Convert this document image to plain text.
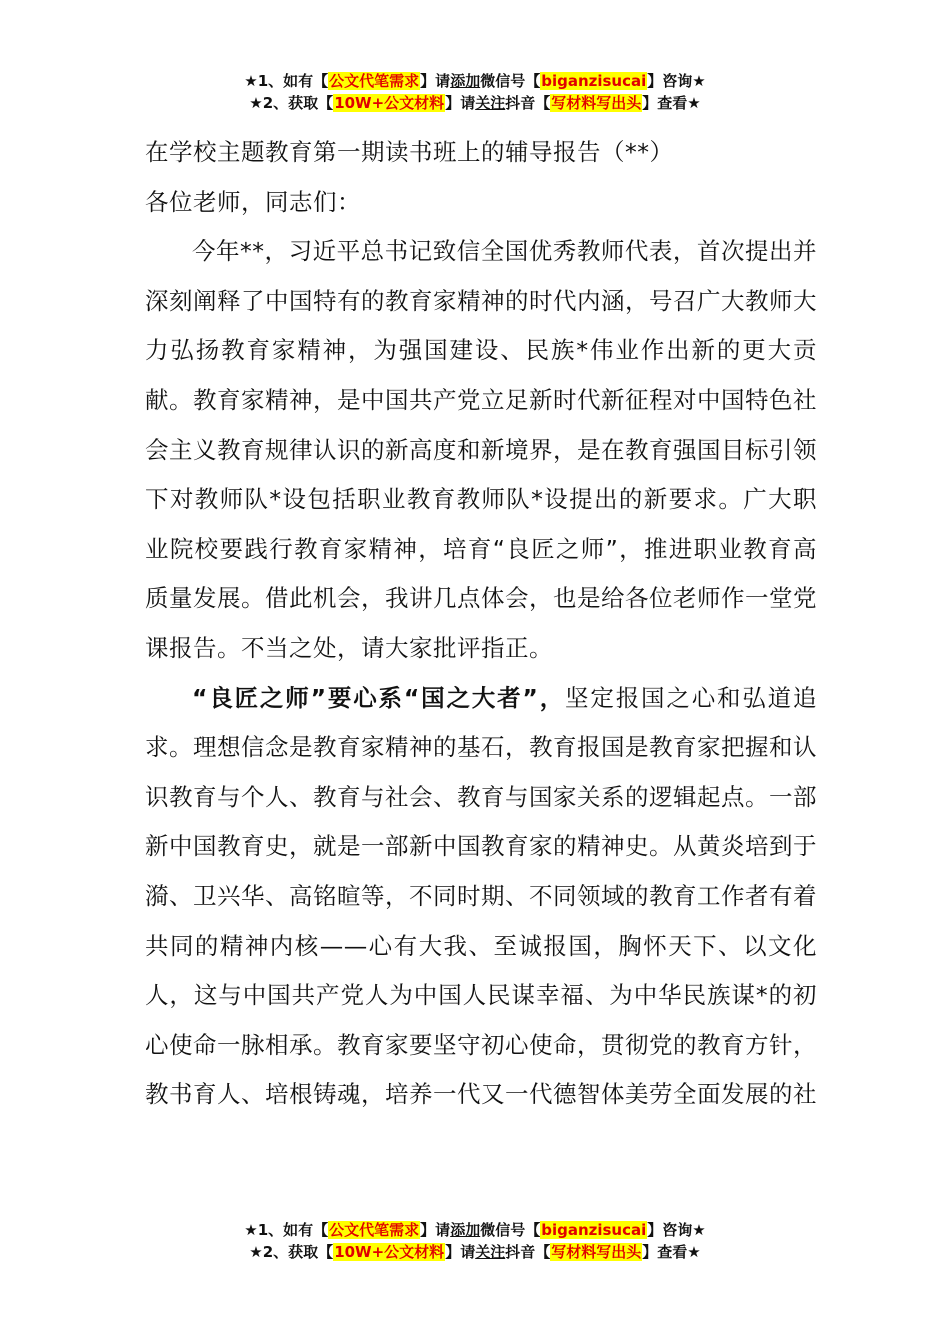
★1、如有【公文代笔需求】请添加微信号【biganzisucai】咨询★
★2、获取【10W+公文材料】请关注抖音【写材料写出头】查看★

在学校主题教育第一期读书班上的辅导报告（**）

各位老师，同志们：

今年**，习近平总书记致信全国优秀教师代表，首次提出并深刻阐释了中国特有的教育家精神的时代内涵，号召广大教师大力弘扬教育家精神，为强国建设、民族*伟业作出新的更大贡献。教育家精神，是中国共产党立足新时代新征程对中国特色社会主义教育规律认识的新高度和新境界，是在教育强国目标引领下对教师队*设包括职业教育教师队*设提出的新要求。广大职业院校要践行教育家精神，培育“良匠之师”，推进职业教育高质量发展。借此机会，我讲几点体会，也是给各位老师作一堂党课报告。不当之处，请大家批评指正。

“良匠之师”要心系“国之大者”，坚定报国之心和弘道追求。理想信念是教育家精神的基石，教育报国是教育家把握和认识教育与个人、教育与社会、教育与国家关系的逻辑起点。一部新中国教育史，就是一部新中国教育家的精神史。从黄炎培到于漪、卫兴华、高铭暄等，不同时期、不同领域的教育工作者有着共同的精神内核——心有大我、至诚报国，胸怀天下、以文化人，这与中国共产党人为中国人民谋幸福、为中华民族谋*的初心使命一脉相承。教育家要坚守初心使命，贯彻党的教育方针，教书育人、培根铸魂，培养一代又一代德智体美劳全面发展的社

★1、如有【公文代笔需求】请添加微信号【biganzisucai】咨询★
★2、获取【10W+公文材料】请关注抖音【写材料写出头】查看★
